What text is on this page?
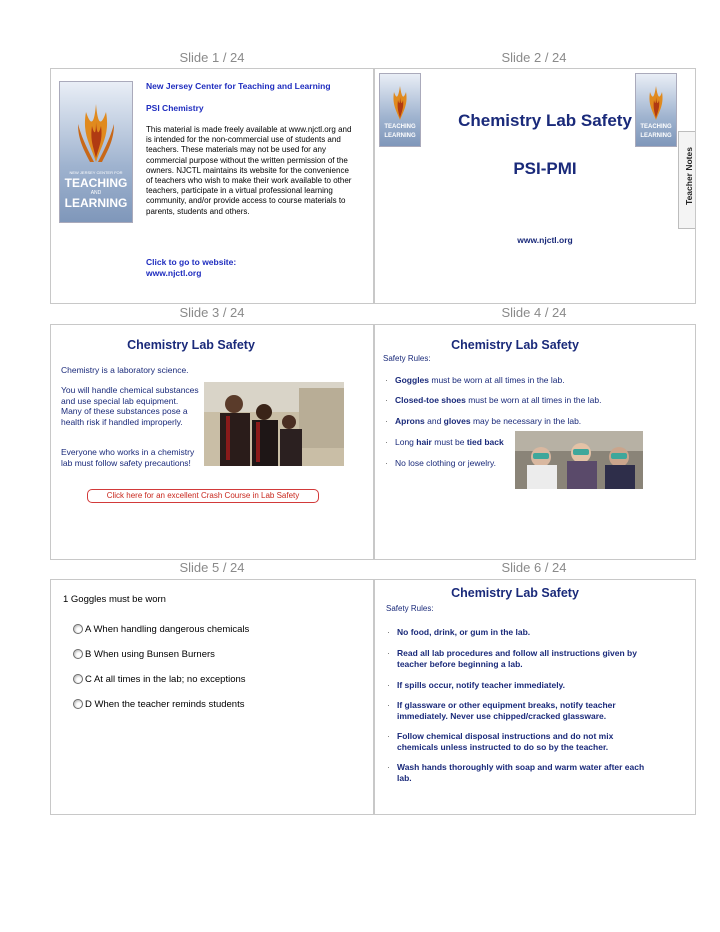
Slide 1 / 24	Slide 2 / 24
Slide 3 / 24	Slide 4 / 24
Slide 5 / 24	Slide 6 / 24
NEW JERSEY CENTER FOR
TEACHING
AND
LEARNING
New Jersey Center for Teaching and Learning
PSI Chemistry
This material is made freely available at www.njctl.org and is intended for the non-commercial use of students and teachers. These materials may not be used for any commercial purpose without the written permission of the owners. NJCTL maintains its website for the convenience of teachers who wish to make their work available to other teachers, participate in a virtual professional learning community, and/or provide access to course materials to parents, students and others.
Click to go to website:
www.njctl.org
TEACHING
LEARNING
TEACHING
LEARNING
Chemistry Lab Safety
PSI-PMI	Teacher Notes
www.njctl.org
Chemistry Lab Safety
Chemistry is a laboratory science.
You will handle chemical substances and use special lab equipment. Many of these substances pose a health risk if handled improperly.
Everyone who works in a chemistry lab must follow safety precautions!
Click here for an excellent Crash Course in Lab Safety
Chemistry Lab Safety
Safety Rules:
· Goggles must be worn at all times in the lab.
· Closed-toe shoes must be worn at all times in the lab.
· Aprons and gloves may be necessary in the lab.
· Long hair must be tied back
· No lose clothing or jewelry.
1 Goggles must be worn
A When handling dangerous chemicals
B When using Bunsen Burners
C At all times in the lab; no exceptions
D When the teacher reminds students
Chemistry Lab Safety
Safety Rules:
· No food, drink, or gum in the lab.
· Read all lab procedures and follow all instructions given by teacher before beginning a lab.
· If spills occur, notify teacher immediately.
· If glassware or other equipment breaks, notify teacher immediately. Never use chipped/cracked glassware.
· Follow chemical disposal instructions and do not mix chemicals unless instructed to do so by the teacher.
· Wash hands thoroughly with soap and warm water after each lab.
